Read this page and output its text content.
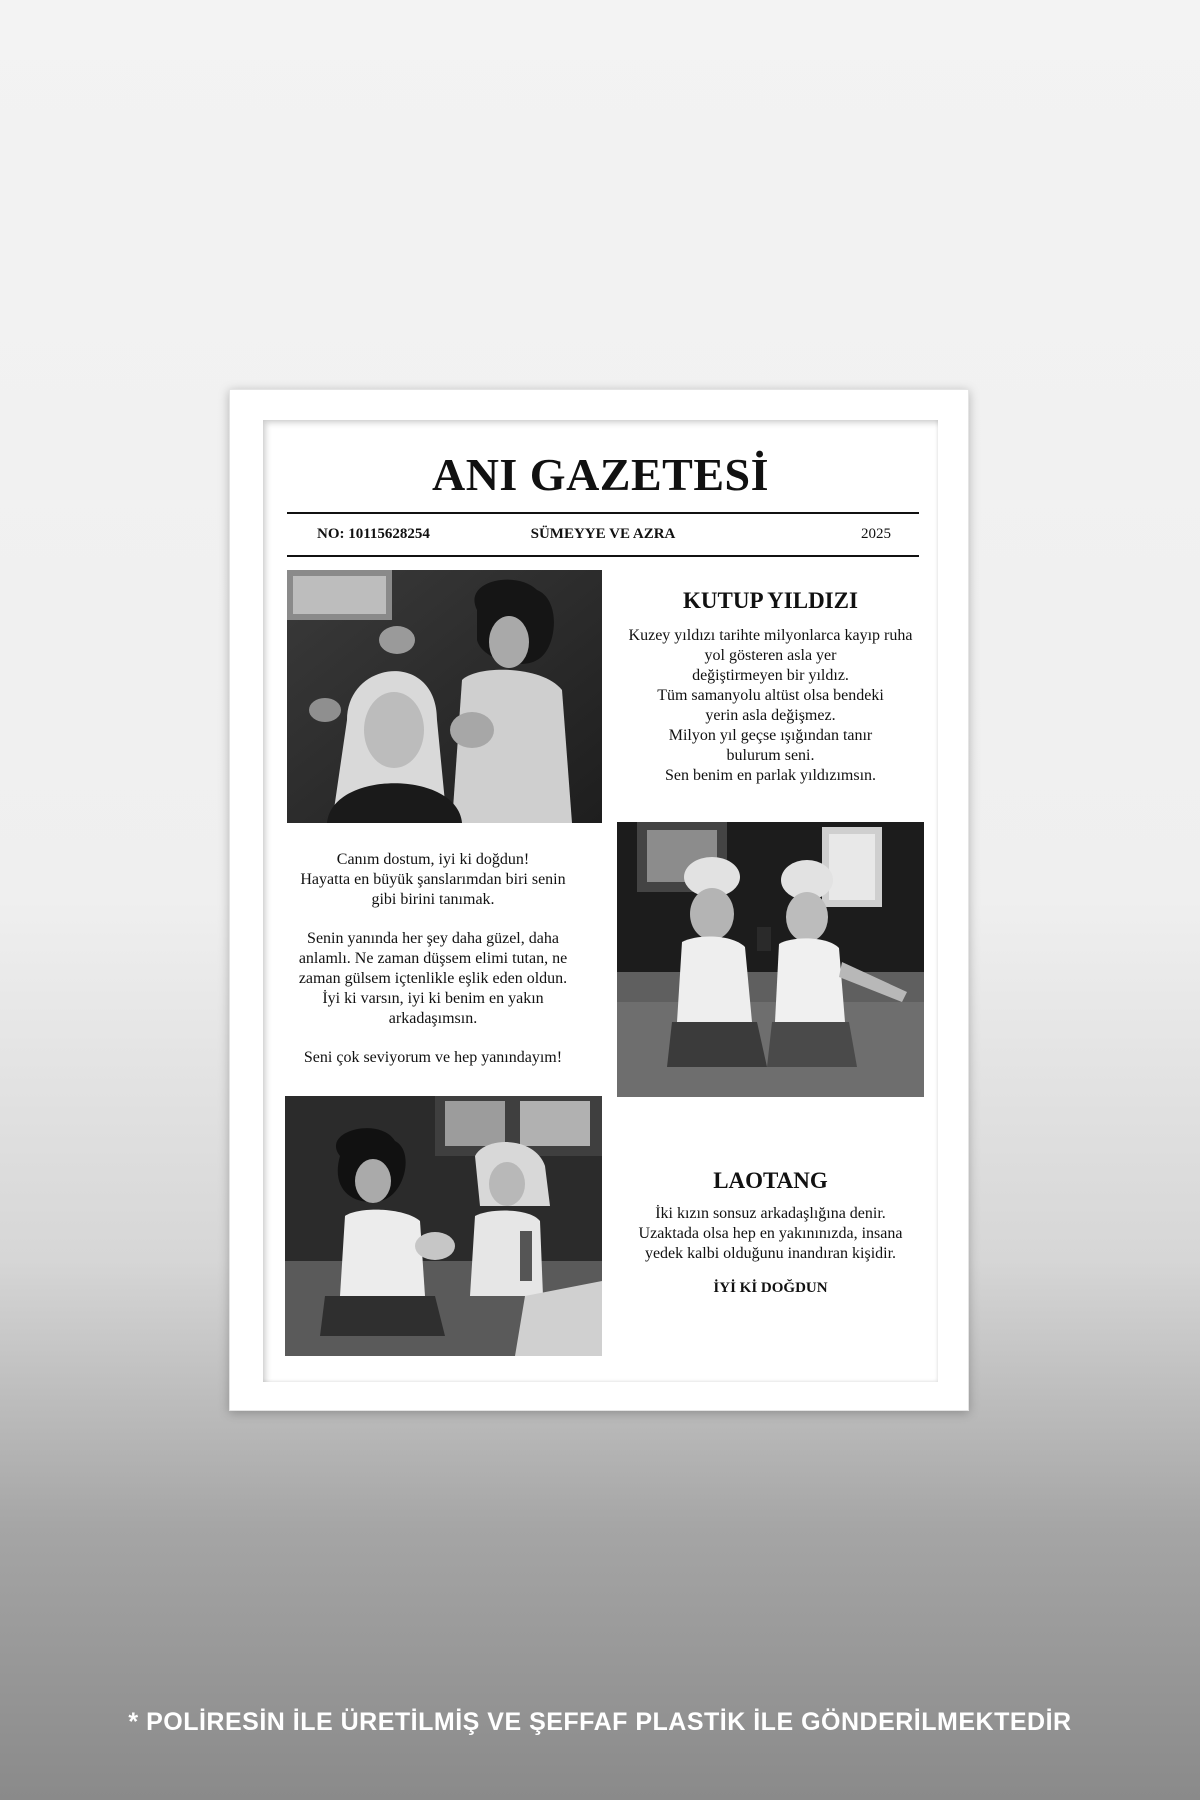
ANI GAZETESİ
NO: 10115628254	SÜMEYYE VE AZRA	2025
KUTUP YILDIZI
Kuzey yıldızı tarihte milyonlarca kayıp ruha
yol gösteren asla yer
değiştirmeyen bir yıldız.
Tüm samanyolu altüst olsa bendeki
yerin asla değişmez.
Milyon yıl geçse ışığından tanır
bulurum seni.
Sen benim en parlak yıldızımsın.
Canım dostum, iyi ki doğdun!
Hayatta en büyük şanslarımdan biri senin
gibi birini tanımak.
Senin yanında her şey daha güzel, daha
anlamlı. Ne zaman düşsem elimi tutan, ne
zaman gülsem içtenlikle eşlik eden oldun.
İyi ki varsın, iyi ki benim en yakın
arkadaşımsın.
Seni çok seviyorum ve hep yanındayım!
LAOTANG
İki kızın sonsuz arkadaşlığına denir.
Uzaktada olsa hep en yakınınızda, insana
yedek kalbi olduğunu inandıran kişidir.
İYİ Kİ DOĞDUN
* POLİRESİN İLE ÜRETİLMİŞ VE ŞEFFAF PLASTİK İLE GÖNDERİLMEKTEDİR
